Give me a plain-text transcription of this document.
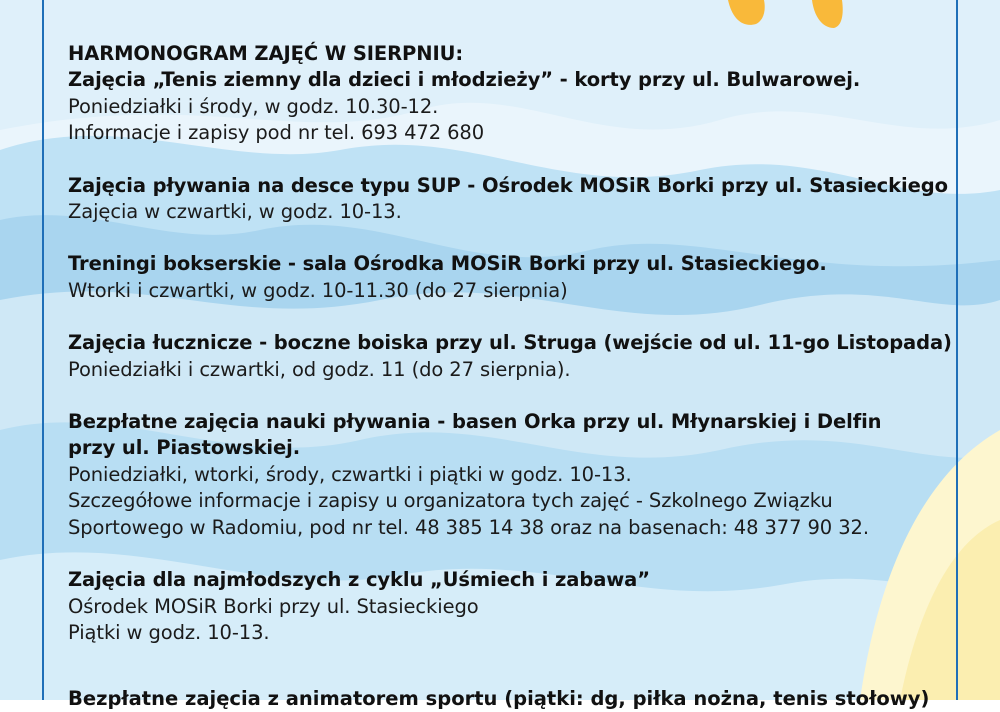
HARMONOGRAM ZAJĘĆ W SIERPNIU:
Zajęcia „Tenis ziemny dla dzieci i młodzieży” - korty przy ul. Bulwarowej.
Poniedziałki i środy, w godz. 10.30-12.
Informacje i zapisy pod nr tel. 693 472 680
Zajęcia pływania na desce typu SUP - Ośrodek MOSiR Borki przy ul. Stasieckiego
Zajęcia w czwartki, w godz. 10-13.
Treningi bokserskie - sala Ośrodka MOSiR Borki przy ul. Stasieckiego.
Wtorki i czwartki, w godz. 10-11.30 (do 27 sierpnia)
Zajęcia łucznicze - boczne boiska przy ul. Struga (wejście od ul. 11-go Listopada)
Poniedziałki i czwartki, od godz. 11 (do 27 sierpnia).
Bezpłatne zajęcia nauki pływania - basen Orka przy ul. Młynarskiej i Delfin
przy ul. Piastowskiej.
Poniedziałki, wtorki, środy, czwartki i piątki w godz. 10-13.
Szczegółowe informacje i zapisy u organizatora tych zajęć - Szkolnego Związku
Sportowego w Radomiu, pod nr tel. 48 385 14 38 oraz na basenach: 48 377 90 32.
Zajęcia dla najmłodszych z cyklu „Uśmiech i zabawa”
Ośrodek MOSiR Borki przy ul. Stasieckiego
Piątki w godz. 10-13.
Bezpłatne zajęcia z animatorem sportu (piątki: dg, piłka nożna, tenis stołowy)
